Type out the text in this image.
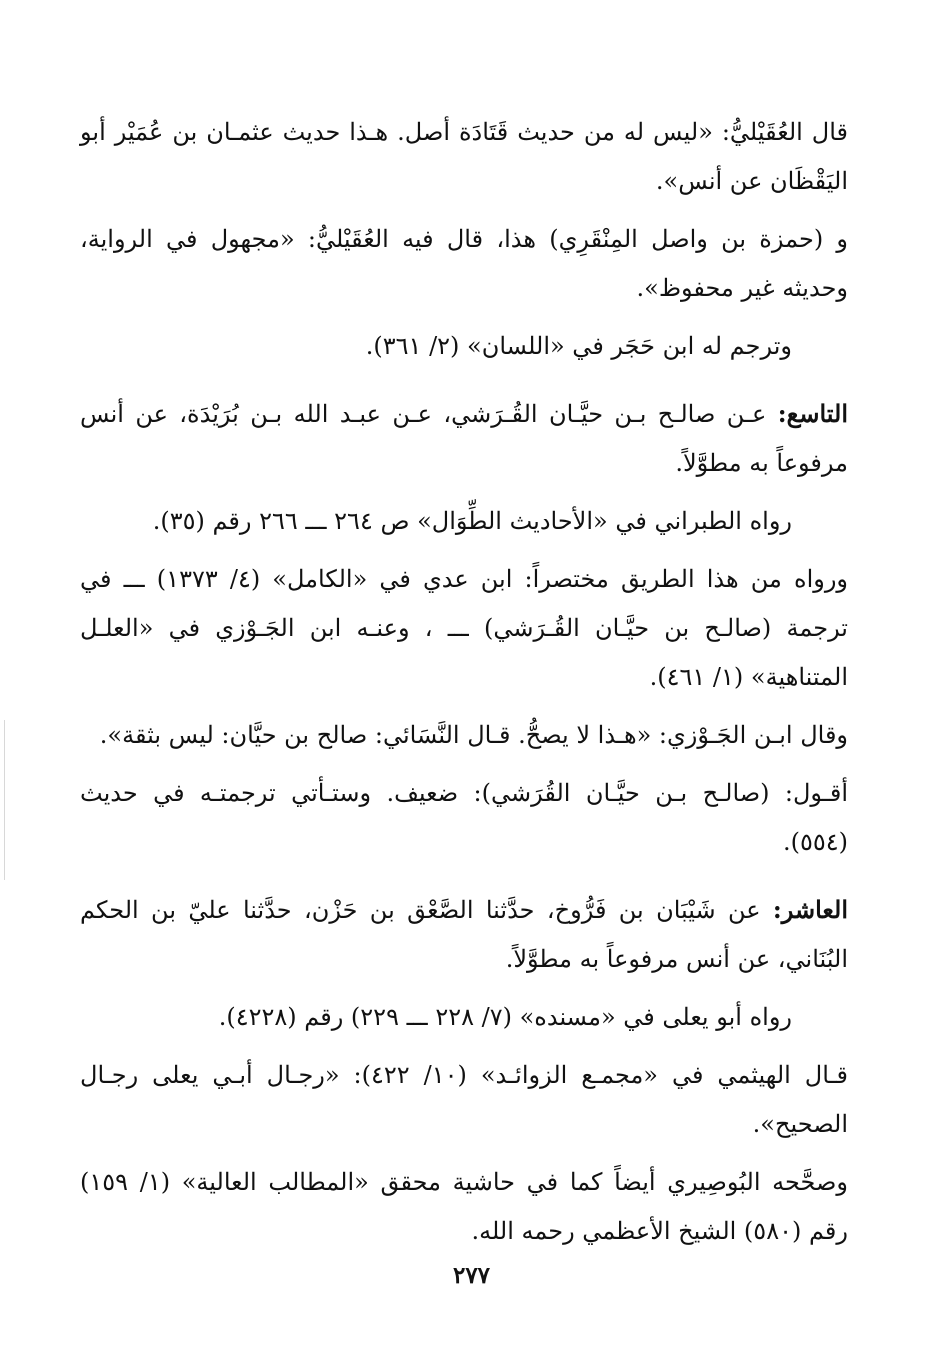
قال العُقَيْليُّ: «ليس له من حديث قَتَادَة أصل. هـذا حديث عثمـان بن عُمَيْر أبو اليَقْظَان عن أنس».

و (حمزة بن واصل المِنْقَرِي) هذا، قال فيه العُقَيْليُّ: «مجهول في الرواية، وحديثه غير محفوظ».

وترجم له ابن حَجَر في «اللسان» (٢/ ٣٦١).

التاسع: عـن صالـح بـن حيَّـان القُـرَشي، عـن عبـد الله بـن بُرَيْدَة، عن أنس مرفوعاً به مطوَّلاً.

رواه الطبراني في «الأحاديث الطِّوَال» ص ٢٦٤ ـــ ٢٦٦ رقم (٣٥).

ورواه من هذا الطريق مختصراً: ابن عدي في «الكامل» (٤/ ١٣٧٣) ـــ في ترجمة (صالـح بن حيَّـان القُـرَشي) ـــ ، وعنـه ابن الجَـوْزي في «العلـل المتناهية» (١/ ٤٦١).

وقال ابـن الجَـوْزي: «هـذا لا يصحُّ. قـال النَّسَائي: صالح بن حيَّان: ليس بثقة».

أقـول: (صالـح بـن حيَّـان القُرَشي): ضعيف. وستـأتي ترجمتـه في حديث (٥٥٤).

العاشر: عن شَيْبَان بن فَرُّوخ، حدَّثنا الصَّعْق بن حَزْن، حدَّثنا عليّ بن الحكم البُنَاني، عن أنس مرفوعاً به مطوَّلاً.

رواه أبو يعلى في «مسنده» (٧/ ٢٢٨ ـــ ٢٢٩) رقم (٤٢٢٨).

قـال الهيثمي في «مجمـع الزوائـد» (١٠/ ٤٢٢): «رجـال أبـي يعلى رجـال الصحيح».

وصحَّحه البُوصِيري أيضاً كما في حاشية محقق «المطالب العالية» (١/ ١٥٩) رقم (٥٨٠) الشيخ الأعظمي رحمه الله.

٢٧٧
